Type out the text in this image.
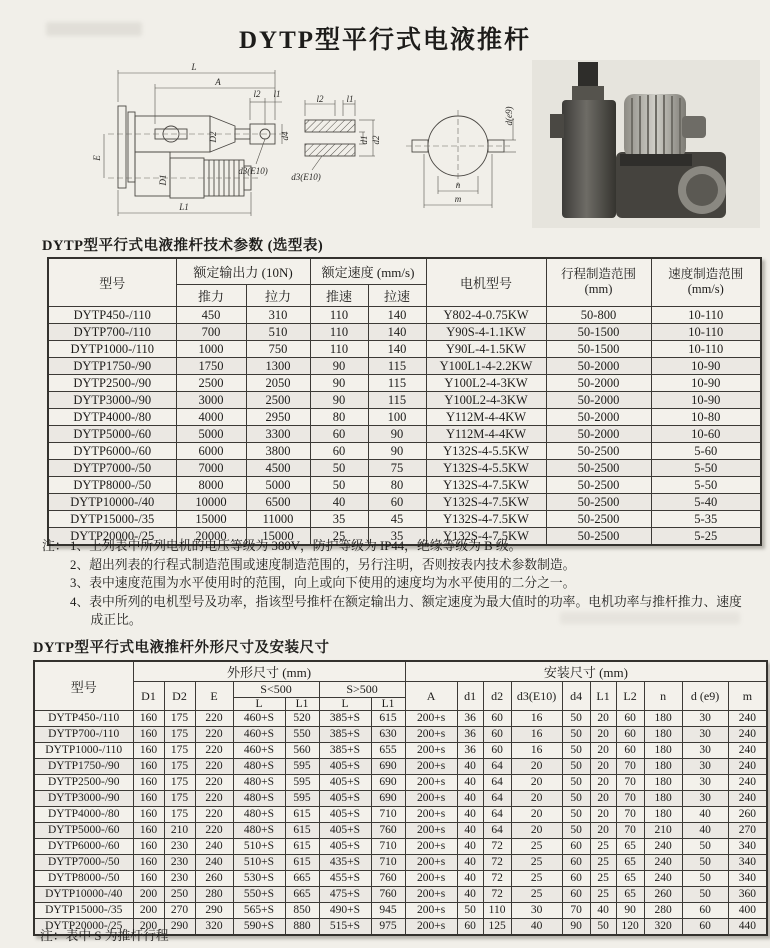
DYTP型平行式电液推杆
L
A
l2 l1
D2	d4
d3(E10)
E
D1
L1
l2	l1
d1 d2
d3(E10)
d(e9)
n
m
DYTP型平行式电液推杆技术参数 (选型表)
型号	额定输出力 (10N)		额定速度 (mm/s)		电机型号	行程制造范围
(mm)	速度制造范围
(mm/s)

	推力	拉力	推速	拉速			
DYTP450-/110	450	310	110	140	Y802-4-0.75KW	50-800	10-110
DYTP700-/110	700	510	110	140	Y90S-4-1.1KW	50-1500	10-110
DYTP1000-/110	1000	750	110	140	Y90L-4-1.5KW	50-1500	10-110
DYTP1750-/90	1750	1300	90	115	Y100L1-4-2.2KW	50-2000	10-90
DYTP2500-/90	2500	2050	90	115	Y100L2-4-3KW	50-2000	10-90
DYTP3000-/90	3000	2500	90	115	Y100L2-4-3KW	50-2000	10-90
DYTP4000-/80	4000	2950	80	100	Y112M-4-4KW	50-2000	10-80
DYTP5000-/60	5000	3300	60	90	Y112M-4-4KW	50-2000	10-60
DYTP6000-/60	6000	3800	60	90	Y132S-4-5.5KW	50-2500	5-60
DYTP7000-/50	7000	4500	50	75	Y132S-4-5.5KW	50-2500	5-50
DYTP8000-/50	8000	5000	50	80	Y132S-4-7.5KW	50-2500	5-50
DYTP10000-/40	10000	6500	40	60	Y132S-4-7.5KW	50-2500	5-40
DYTP15000-/35	15000	11000	35	45	Y132S-4-7.5KW	50-2500	5-35
DYTP20000-/25	20000	15000	25	35	Y132S-4-7.5KW	50-2500	5-25
注： 1、上列表中所列电机的电压等级为 380V，防护等级为 IP44，绝缘等级为 B 级。
2、超出列表的行程式制造范围或速度制造范围的，另行注明，否则按表内技术参数制造。
3、表中速度范围为水平使用时的范围，向上或向下使用的速度均为水平使用的二分之一。
4、表中所列的电机型号及功率，指该型号推杆在额定输出力、额定速度为最大值时的功率。电机功率与推杆推力、速度成正比。
DYTP型平行式电液推杆外形尺寸及安装尺寸
型号	外形尺寸 (mm)							安装尺寸 (mm)									
	D1	D2	E	S<500		S>500		A	d1	d2	d3(E10)	d4	L1	L2	n	d (e9)	m
				L	L1	L	L1										
DYTP450-/110	160	175	220	460+S	520	385+S	615	200+s	36	60	16	50	20	60	180	30	240
DYTP700-/110	160	175	220	460+S	550	385+S	630	200+s	36	60	16	50	20	60	180	30	240
DYTP1000-/110	160	175	220	460+S	560	385+S	655	200+s	36	60	16	50	20	60	180	30	240
DYTP1750-/90	160	175	220	480+S	595	405+S	690	200+s	40	64	20	50	20	70	180	30	240
DYTP2500-/90	160	175	220	480+S	595	405+S	690	200+s	40	64	20	50	20	70	180	30	240
DYTP3000-/90	160	175	220	480+S	595	405+S	690	200+s	40	64	20	50	20	70	180	30	240
DYTP4000-/80	160	175	220	480+S	615	405+S	710	200+s	40	64	20	50	20	70	180	40	260
DYTP5000-/60	160	210	220	480+S	615	405+S	760	200+s	40	64	20	50	20	70	210	40	270
DYTP6000-/60	160	230	240	510+S	615	405+S	710	200+s	40	72	25	60	25	65	240	50	340
DYTP7000-/50	160	230	240	510+S	615	435+S	710	200+s	40	72	25	60	25	65	240	50	340
DYTP8000-/50	160	230	260	530+S	665	455+S	760	200+s	40	72	25	60	25	65	240	50	340
DYTP10000-/40	200	250	280	550+S	665	475+S	760	200+s	40	72	25	60	25	65	260	50	360
DYTP15000-/35	200	270	290	565+S	850	490+S	945	200+s	50	110	30	70	40	90	280	60	400
DYTP20000-/25	200	290	320	590+S	880	515+S	975	200+s	60	125	40	90	50	120	320	60	440
注：表中 S 为推杆行程
